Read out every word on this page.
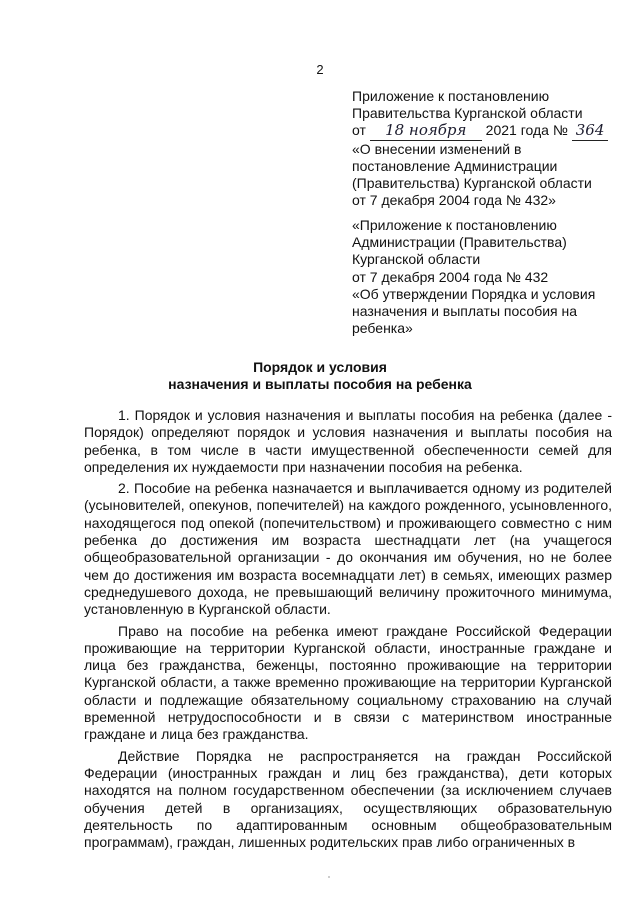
2
Приложение к постановлению
Правительства Курганской области
от 18 ноября 2021 года № 364
«О внесении изменений в
постановление Администрации
(Правительства) Курганской области
от 7 декабря 2004 года № 432»
«Приложение к постановлению
Администрации (Правительства)
Курганской области
от 7 декабря 2004 года № 432
«Об утверждении Порядка и условия
назначения и выплаты пособия на
ребенка»
Порядок и условия
назначения и выплаты пособия на ребенка

1. Порядок и условия назначения и выплаты пособия на ребенка (далее - Порядок) определяют порядок и условия назначения и выплаты пособия на ребенка, в том числе в части имущественной обеспеченности семей для определения их нуждаемости при назначении пособия на ребенка.

2. Пособие на ребенка назначается и выплачивается одному из родителей (усыновителей, опекунов, попечителей) на каждого рожденного, усыновленного, находящегося под опекой (попечительством) и проживающего совместно с ним ребенка до достижения им возраста шестнадцати лет (на учащегося общеобразовательной организации - до окончания им обучения, но не более чем до достижения им возраста восемнадцати лет) в семьях, имеющих размер среднедушевого дохода, не превышающий величину прожиточного минимума, установленную в Курганской области.

Право на пособие на ребенка имеют граждане Российской Федерации проживающие на территории Курганской области, иностранные граждане и лица без гражданства, беженцы, постоянно проживающие на территории Курганской области, а также временно проживающие на территории Курганской области и подлежащие обязательному социальному страхованию на случай временной нетрудоспособности и в связи с материнством иностранные граждане и лица без гражданства.

Действие Порядка не распространяется на граждан Российской Федерации (иностранных граждан и лиц без гражданства), дети которых находятся на полном государственном обеспечении (за исключением случаев обучения детей в организациях, осуществляющих образовательную деятельность по адаптированным основным общеобразовательным программам), граждан, лишенных родительских прав либо ограниченных в
